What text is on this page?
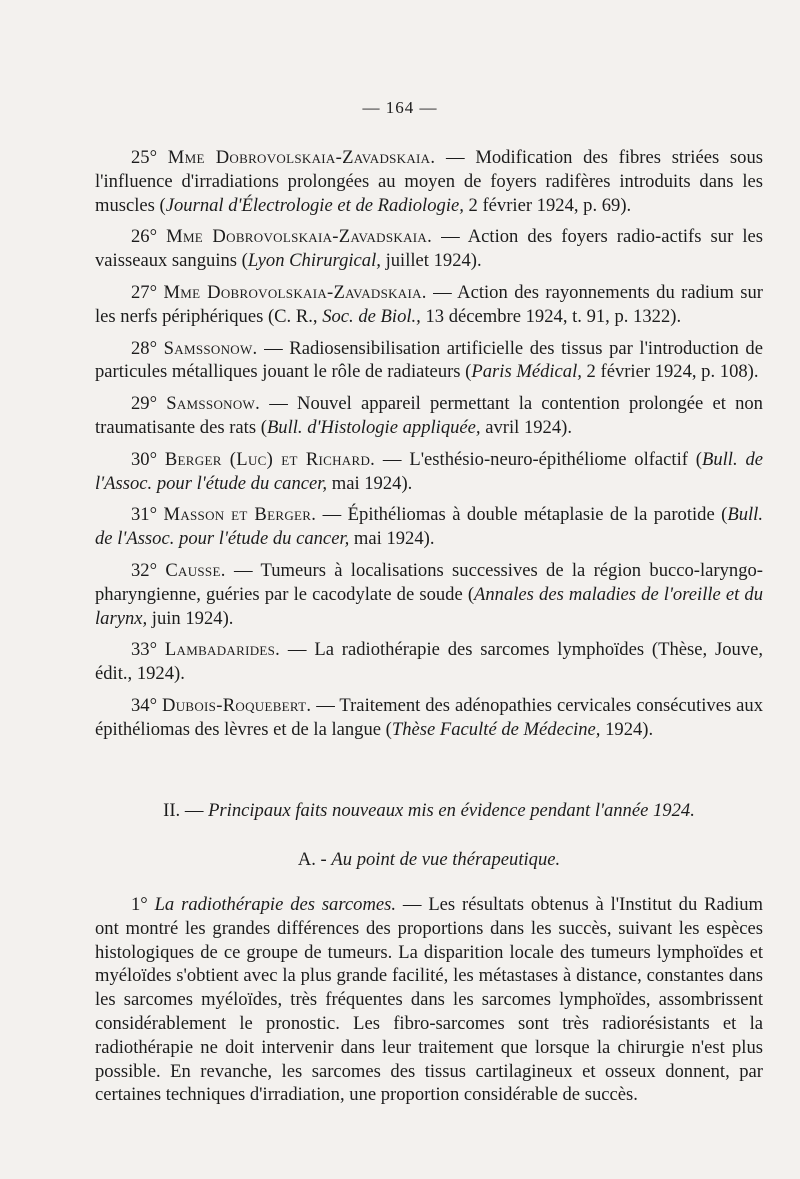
— 164 —

25° Mme Dobrovolskaia-Zavadskaia. — Modification des fibres striées sous l'influence d'irradiations prolongées au moyen de foyers radifères introduits dans les muscles (Journal d'Électrologie et de Radiologie, 2 février 1924, p. 69).

26° Mme Dobrovolskaia-Zavadskaia. — Action des foyers radio-actifs sur les vaisseaux sanguins (Lyon Chirurgical, juillet 1924).

27° Mme Dobrovolskaia-Zavadskaia. — Action des rayonnements du radium sur les nerfs périphériques (C. R., Soc. de Biol., 13 décembre 1924, t. 91, p. 1322).

28° Samssonow. — Radiosensibilisation artificielle des tissus par l'introduction de particules métalliques jouant le rôle de radiateurs (Paris Médical, 2 février 1924, p. 108).

29° Samssonow. — Nouvel appareil permettant la contention prolongée et non traumatisante des rats (Bull. d'Histologie appliquée, avril 1924).

30° Berger (Luc) et Richard. — L'esthésio-neuro-épithéliome olfactif (Bull. de l'Assoc. pour l'étude du cancer, mai 1924).

31° Masson et Berger. — Épithéliomas à double métaplasie de la parotide (Bull. de l'Assoc. pour l'étude du cancer, mai 1924).

32° Causse. — Tumeurs à localisations successives de la région bucco-laryngo-pharyngienne, guéries par le cacodylate de soude (Annales des maladies de l'oreille et du larynx, juin 1924).

33° Lambadarides. — La radiothérapie des sarcomes lymphoïdes (Thèse, Jouve, édit., 1924).

34° Dubois-Roquebert. — Traitement des adénopathies cervicales consécutives aux épithéliomas des lèvres et de la langue (Thèse Faculté de Médecine, 1924).

II. — Principaux faits nouveaux mis en évidence pendant l'année 1924.
A. - Au point de vue thérapeutique.

1° La radiothérapie des sarcomes. — Les résultats obtenus à l'Institut du Radium ont montré les grandes différences des proportions dans les succès, suivant les espèces histologiques de ce groupe de tumeurs. La disparition locale des tumeurs lymphoïdes et myéloïdes s'obtient avec la plus grande facilité, les métastases à distance, constantes dans les sarcomes myéloïdes, très fréquentes dans les sarcomes lymphoïdes, assombrissent considérablement le pronostic. Les fibro-sarcomes sont très radiorésistants et la radiothérapie ne doit intervenir dans leur traitement que lorsque la chirurgie n'est plus possible. En revanche, les sarcomes des tissus cartilagineux et osseux donnent, par certaines techniques d'irradiation, une proportion considérable de succès.
